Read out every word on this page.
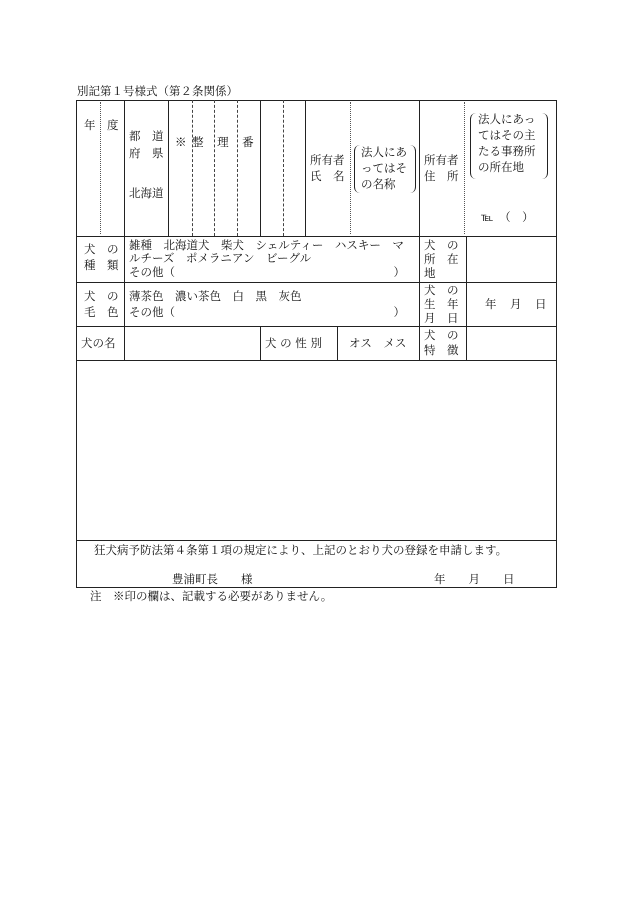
別記第１号様式（第２条関係）
年　度
都　道
府　県
北海道
※ 整　理　番
所有者
氏　名
法人にあ
ってはそ
の名称
所有者
住　所
法人にあっ
てはその主
たる事務所
の所在地
℡　（　）
犬　の
種　類
雑種　北海道犬　柴犬　シェルティー　ハスキー　マ
ルチーズ　ポメラニアン　ビーグル
その他（　　　　　　　　　　　　　　　　　　　）
犬　の
所　在
地
犬　の
毛　色
薄茶色　濃い茶色　白　黒　灰色
その他（　　　　　　　　　　　　　　　　　　　）
犬　の
生　年
月　日
年　月　日
犬の名	犬 の 性 別 オス　メス
犬　の
特　徴
狂犬病予防法第４条第１項の規定により、上記のとおり犬の登録を申請します。
豊浦町長　　様	年　　月　　日
注　※印の欄は、記載する必要がありません。
